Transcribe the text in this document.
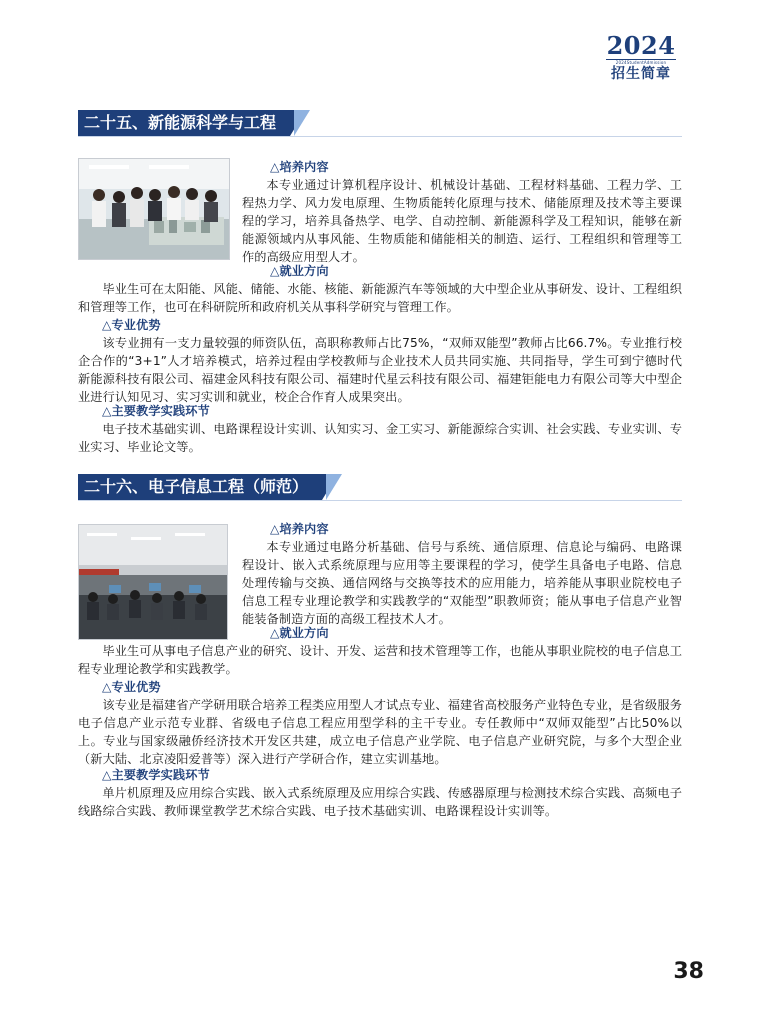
2024
2024StudentAdmission
招生简章
二十五、新能源科学与工程

△培养内容

本专业通过计算机程序设计、机械设计基础、工程材料基础、工程力学、工程热力学、风力发电原理、生物质能转化原理与技术、储能原理及技术等主要课程的学习，培养具备热学、电学、自动控制、新能源科学及工程知识，能够在新能源领域内从事风能、生物质能和储能相关的制造、运行、工程组织和管理等工作的高级应用型人才。

△就业方向

毕业生可在太阳能、风能、储能、水能、核能、新能源汽车等领域的大中型企业从事研发、设计、工程组织和管理等工作，也可在科研院所和政府机关从事科学研究与管理工作。

△专业优势

该专业拥有一支力量较强的师资队伍，高职称教师占比75%，“双师双能型”教师占比66.7%。专业推行校企合作的“3+1”人才培养模式，培养过程由学校教师与企业技术人员共同实施、共同指导，学生可到宁德时代新能源科技有限公司、福建金风科技有限公司、福建时代星云科技有限公司、福建钜能电力有限公司等大中型企业进行认知见习、实习实训和就业，校企合作育人成果突出。

△主要教学实践环节

电子技术基础实训、电路课程设计实训、认知实习、金工实习、新能源综合实训、社会实践、专业实训、专业实习、毕业论文等。
二十六、电子信息工程（师范）

△培养内容

本专业通过电路分析基础、信号与系统、通信原理、信息论与编码、电路课程设计、嵌入式系统原理与应用等主要课程的学习，使学生具备电子电路、信息处理传输与交换、通信网络与交换等技术的应用能力，培养能从事职业院校电子信息工程专业理论教学和实践教学的“双能型”职教师资；能从事电子信息产业智能装备制造方面的高级工程技术人才。

△就业方向

毕业生可从事电子信息产业的研究、设计、开发、运营和技术管理等工作，也能从事职业院校的电子信息工程专业理论教学和实践教学。

△专业优势

该专业是福建省产学研用联合培养工程类应用型人才试点专业、福建省高校服务产业特色专业，是省级服务电子信息产业示范专业群、省级电子信息工程应用型学科的主干专业。专任教师中“双师双能型”占比50%以上。专业与国家级融侨经济技术开发区共建，成立电子信息产业学院、电子信息产业研究院，与多个大型企业（新大陆、北京凌阳爱普等）深入进行产学研合作，建立实训基地。

△主要教学实践环节

单片机原理及应用综合实践、嵌入式系统原理及应用综合实践、传感器原理与检测技术综合实践、高频电子线路综合实践、教师课堂教学艺术综合实践、电子技术基础实训、电路课程设计实训等。
38
